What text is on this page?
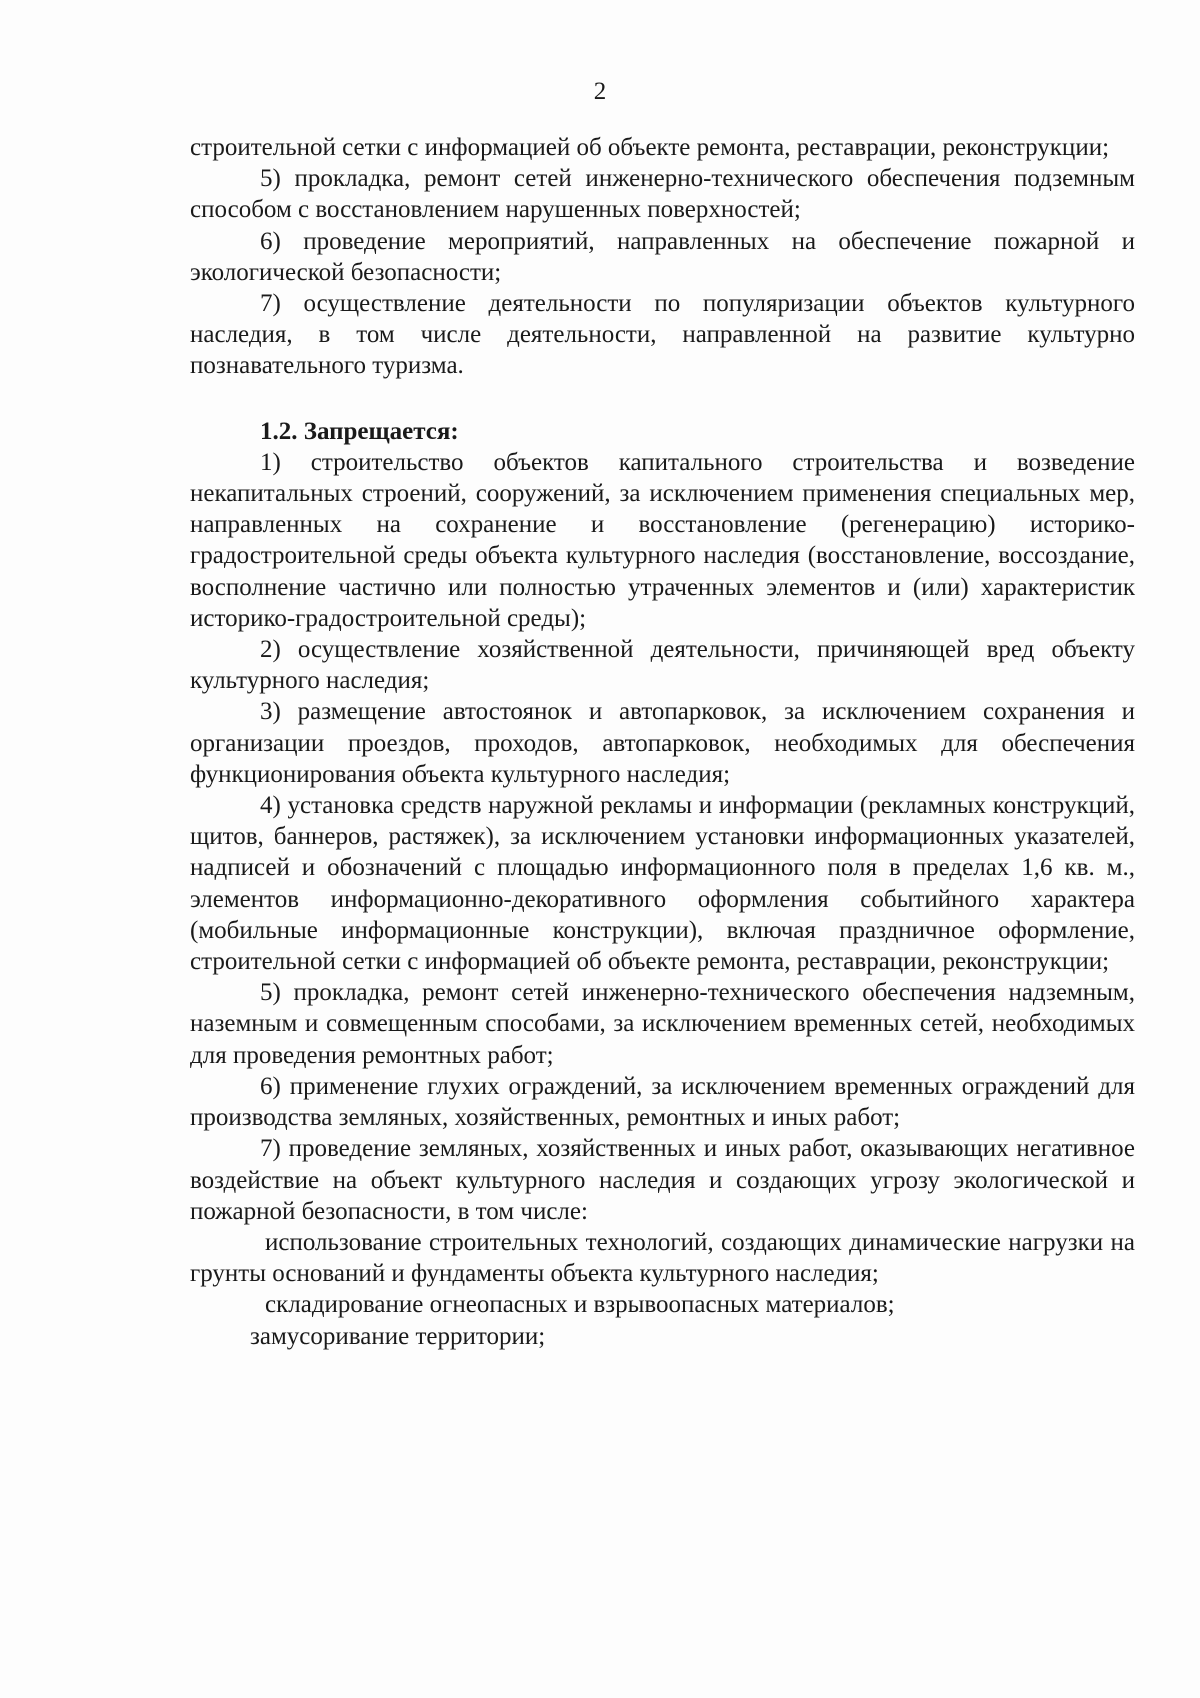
2

строительной сетки с информацией об объекте ремонта, реставрации, реконструкции;

5) прокладка, ремонт сетей инженерно-технического обеспечения подземным способом с восстановлением нарушенных поверхностей;

6) проведение мероприятий, направленных на обеспечение пожарной и экологической безопасности;

7) осуществление деятельности по популяризации объектов культурного наследия, в том числе деятельности, направленной на развитие культурно познавательного туризма.

1.2. Запрещается:

1) строительство объектов капитального строительства и возведение некапитальных строений, сооружений, за исключением применения специальных мер, направленных на сохранение и восстановление (регенерацию) историко-градостроительной среды объекта культурного наследия (восстановление, воссоздание, восполнение частично или полностью утраченных элементов и (или) характеристик историко-градостроительной среды);

2) осуществление хозяйственной деятельности, причиняющей вред объекту культурного наследия;

3) размещение автостоянок и автопарковок, за исключением сохранения и организации проездов, проходов, автопарковок, необходимых для обеспечения функционирования объекта культурного наследия;

4) установка средств наружной рекламы и информации (рекламных конструкций, щитов, баннеров, растяжек), за исключением установки информационных указателей, надписей и обозначений с площадью информационного поля в пределах 1,6 кв. м., элементов информационно-декоративного оформления событийного характера (мобильные информационные конструкции), включая праздничное оформление, строительной сетки с информацией об объекте ремонта, реставрации, реконструкции;

5) прокладка, ремонт сетей инженерно-технического обеспечения надземным, наземным и совмещенным способами, за исключением временных сетей, необходимых для проведения ремонтных работ;

6) применение глухих ограждений, за исключением временных ограждений для производства земляных, хозяйственных, ремонтных и иных работ;

7) проведение земляных, хозяйственных и иных работ, оказывающих негативное воздействие на объект культурного наследия и создающих угрозу экологической и пожарной безопасности, в том числе:

использование строительных технологий, создающих динамические нагрузки на грунты оснований и фундаменты объекта культурного наследия;

складирование огнеопасных и взрывоопасных материалов;

замусоривание территории;
